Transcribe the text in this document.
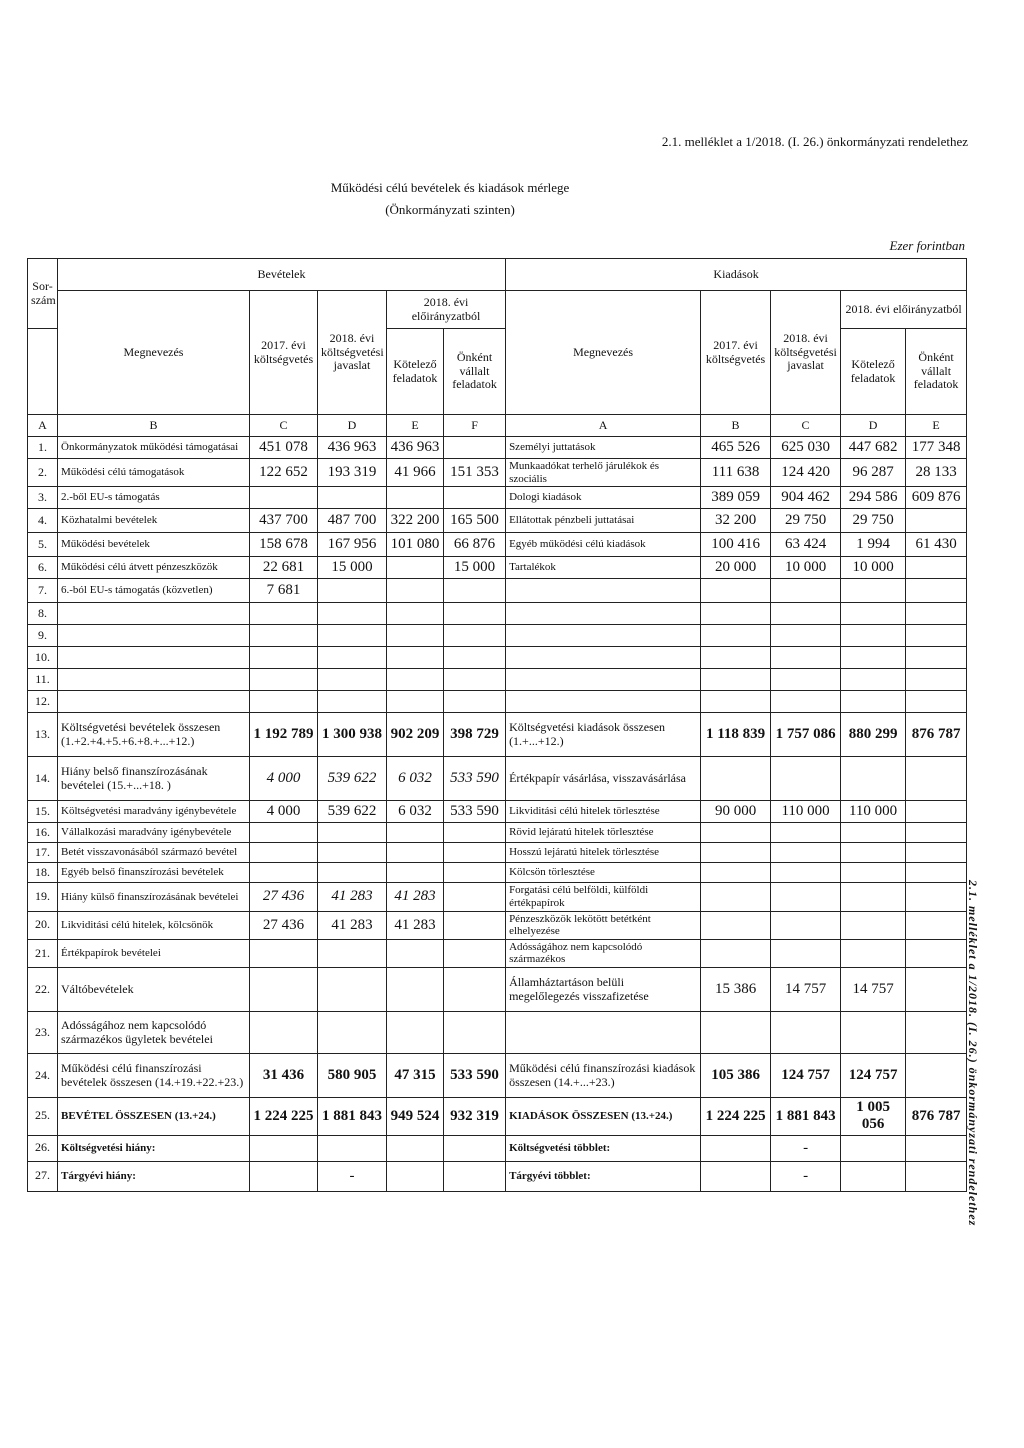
2.1. melléklet a 1/2018. (I. 26.) önkormányzati rendelethez
Működési célú bevételek és kiadások mérlege
(Önkormányzati szinten)
Ezer forintban
2.1. melléklet a 1/2018. (I. 26.) önkormányzati rendelethez
Sor-szám	Bevételek					Kiadások				
	Megnevezés	2017. évi költségvetés	2018. évi költségvetési javaslat	2018. évi előirányzatból		Megnevezés	2017. évi költségvetés	2018. évi költségvetési javaslat	2018. évi előirányzatból	
				Kötelező feladatok	Önként vállalt feladatok				Kötelező feladatok	Önként vállalt feladatok
A	B	C	D	E	F	A	B	C	D	E
1.	Önkormányzatok működési támogatásai	451 078	436 963	436 963		Személyi juttatások	465 526	625 030	447 682	177 348
2.	Működési célú támogatások	122 652	193 319	41 966	151 353	Munkaadókat terhelő járulékok és szociális	111 638	124 420	96 287	28 133
3.	2.-ből EU-s támogatás					Dologi kiadások	389 059	904 462	294 586	609 876
4.	Közhatalmi bevételek	437 700	487 700	322 200	165 500	Ellátottak pénzbeli juttatásai	32 200	29 750	29 750	
5.	Működési bevételek	158 678	167 956	101 080	66 876	Egyéb működési célú kiadások	100 416	63 424	1 994	61 430
6.	Működési célú átvett pénzeszközök	22 681	15 000		15 000	Tartalékok	20 000	10 000	10 000	
7.	6.-ból EU-s támogatás (közvetlen)	7 681								
8.										
9.										
10.										
11.										
12.										
13.	Költségvetési bevételek összesen (1.+2.+4.+5.+6.+8.+...+12.)	1 192 789	1 300 938	902 209	398 729	Költségvetési kiadások összesen (1.+...+12.)	1 118 839	1 757 086	880 299	876 787
14.	Hiány belső finanszírozásának bevételei (15.+...+18. )	4 000	539 622	6 032	533 590	Értékpapír vásárlása, visszavásárlása				
15.	Költségvetési maradvány igénybevétele	4 000	539 622	6 032	533 590	Likviditási célú hitelek törlesztése	90 000	110 000	110 000	
16.	Vállalkozási maradvány igénybevétele					Rövid lejáratú hitelek törlesztése				
17.	Betét visszavonásából származó bevétel					Hosszú lejáratú hitelek törlesztése				
18.	Egyéb belső finanszírozási bevételek					Kölcsön törlesztése				
19.	Hiány külső finanszírozásának bevételei	27 436	41 283	41 283		Forgatási célú belföldi, külföldi értékpapírok				
20.	Likviditási célú hitelek, kölcsönök	27 436	41 283	41 283		Pénzeszközök lekötött betétként elhelyezése				
21.	Értékpapírok bevételei					Adósságához nem kapcsolódó származékos				
22.	Váltóbevételek					Államháztartáson belüli megelőlegezés visszafizetése	15 386	14 757	14 757	
23.	Adósságához nem kapcsolódó származékos ügyletek bevételei									
24.	Működési célú finanszírozási bevételek összesen (14.+19.+22.+23.)	31 436	580 905	47 315	533 590	Működési célú finanszírozási kiadások összesen (14.+...+23.)	105 386	124 757	124 757	
25.	BEVÉTEL ÖSSZESEN (13.+24.)	1 224 225	1 881 843	949 524	932 319	KIADÁSOK ÖSSZESEN (13.+24.)	1 224 225	1 881 843	1 005 056	876 787
26.	Költségvetési hiány:					Költségvetési többlet:		-		
27.	Tárgyévi hiány:		-			Tárgyévi többlet:		-		
